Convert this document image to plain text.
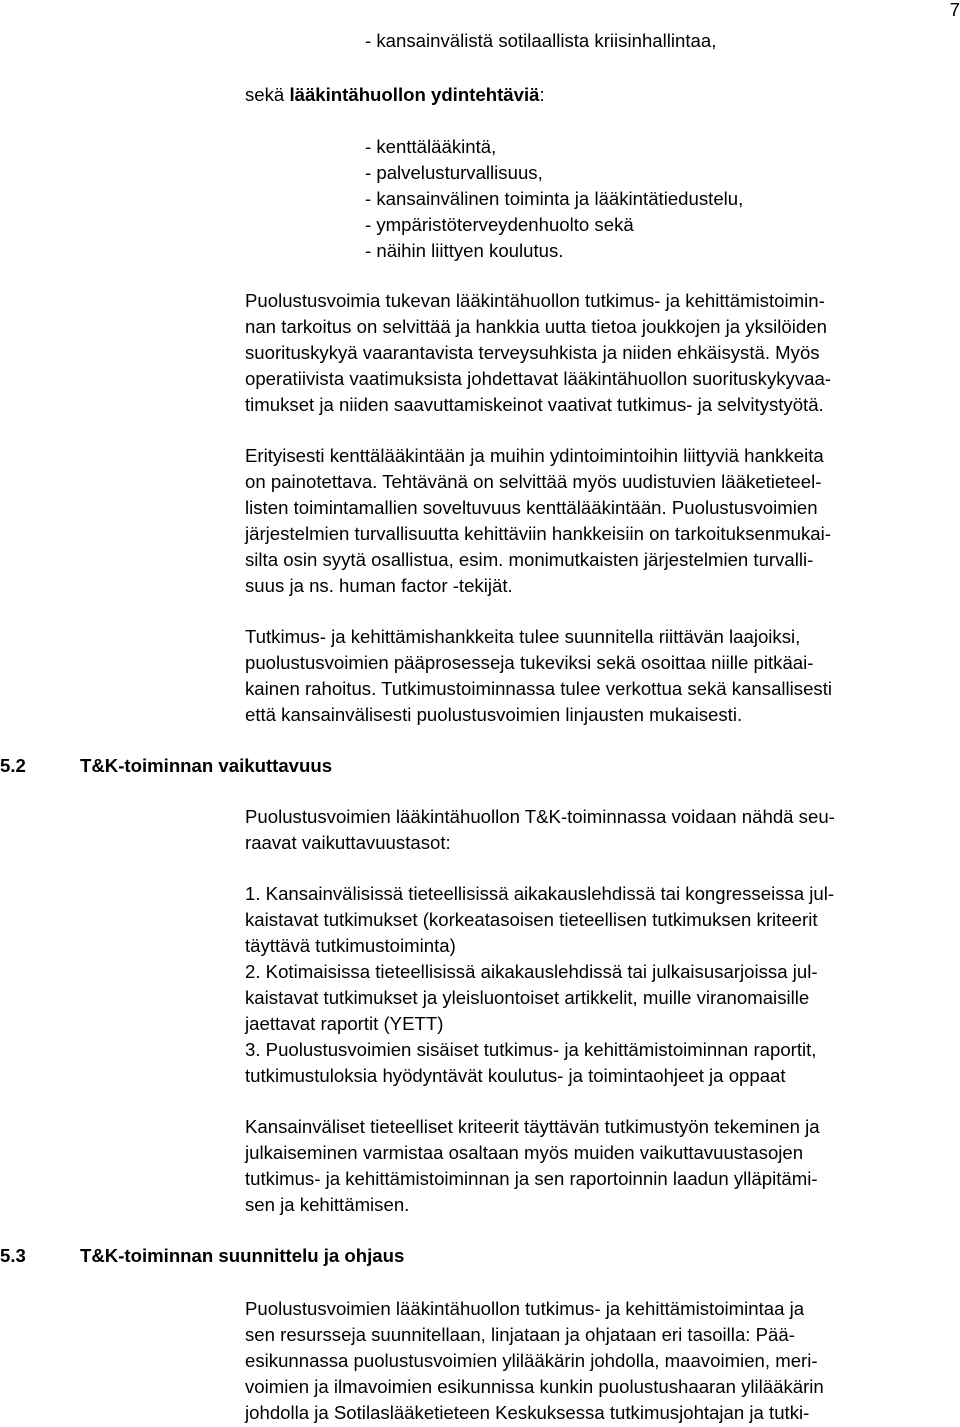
7
- kansainvälistä sotilaallista kriisinhallintaa,
sekä lääkintähuollon ydintehtäviä:
- kenttälääkintä,
- palvelusturvallisuus,
- kansainvälinen toiminta ja lääkintätiedustelu,
- ympäristöterveydenhuolto sekä
- näihin liittyen koulutus.
Puolustusvoimia tukevan lääkintähuollon tutkimus- ja kehittämistoimin-
nan tarkoitus on selvittää ja hankkia uutta tietoa joukkojen ja yksilöiden
suorituskykyä vaarantavista terveysuhkista ja niiden ehkäisystä. Myös
operatiivista vaatimuksista johdettavat lääkintähuollon suorituskykyvaa-
timukset ja niiden saavuttamiskeinot vaativat tutkimus- ja selvitystyötä.
Erityisesti kenttälääkintään ja muihin ydintoimintoihin liittyviä hankkeita
on painotettava. Tehtävänä on selvittää myös uudistuvien lääketieteel-
listen toimintamallien soveltuvuus kenttälääkintään. Puolustusvoimien
järjestelmien turvallisuutta kehittäviin hankkeisiin on tarkoituksenmukai-
silta osin syytä osallistua, esim. monimutkaisten järjestelmien turvalli-
suus ja ns. human factor -tekijät.
Tutkimus- ja kehittämishankkeita tulee suunnitella riittävän laajoiksi,
puolustusvoimien pääprosesseja tukeviksi sekä osoittaa niille pitkäai-
kainen rahoitus. Tutkimustoiminnassa tulee verkottua sekä kansallisesti
että kansainvälisesti puolustusvoimien linjausten mukaisesti.
5.2	T&K-toiminnan vaikuttavuus
Puolustusvoimien lääkintähuollon T&K-toiminnassa voidaan nähdä seu-
raavat vaikuttavuustasot:
1. Kansainvälisissä tieteellisissä aikakauslehdissä tai kongresseissa jul-
kaistavat tutkimukset (korkeatasoisen tieteellisen tutkimuksen kriteerit
täyttävä tutkimustoiminta)
2. Kotimaisissa tieteellisissä aikakauslehdissä tai julkaisusarjoissa jul-
kaistavat tutkimukset ja yleisluontoiset artikkelit, muille viranomaisille
jaettavat raportit (YETT)
3. Puolustusvoimien sisäiset tutkimus- ja kehittämistoiminnan raportit,
tutkimustuloksia hyödyntävät koulutus- ja toimintaohjeet ja oppaat
Kansainväliset tieteelliset kriteerit täyttävän tutkimustyön tekeminen ja
julkaiseminen varmistaa osaltaan myös muiden vaikuttavuustasojen
tutkimus- ja kehittämistoiminnan ja sen raportoinnin laadun ylläpitämi-
sen ja kehittämisen.
5.3	T&K-toiminnan suunnittelu ja ohjaus
Puolustusvoimien lääkintähuollon tutkimus- ja kehittämistoimintaa ja
sen resursseja suunnitellaan, linjataan ja ohjataan eri tasoilla: Pää-
esikunnassa puolustusvoimien ylilääkärin johdolla, maavoimien, meri-
voimien ja ilmavoimien esikunnissa kunkin puolustushaaran ylilääkärin
johdolla ja Sotilaslääketieteen Keskuksessa tutkimusjohtajan ja tutki-
